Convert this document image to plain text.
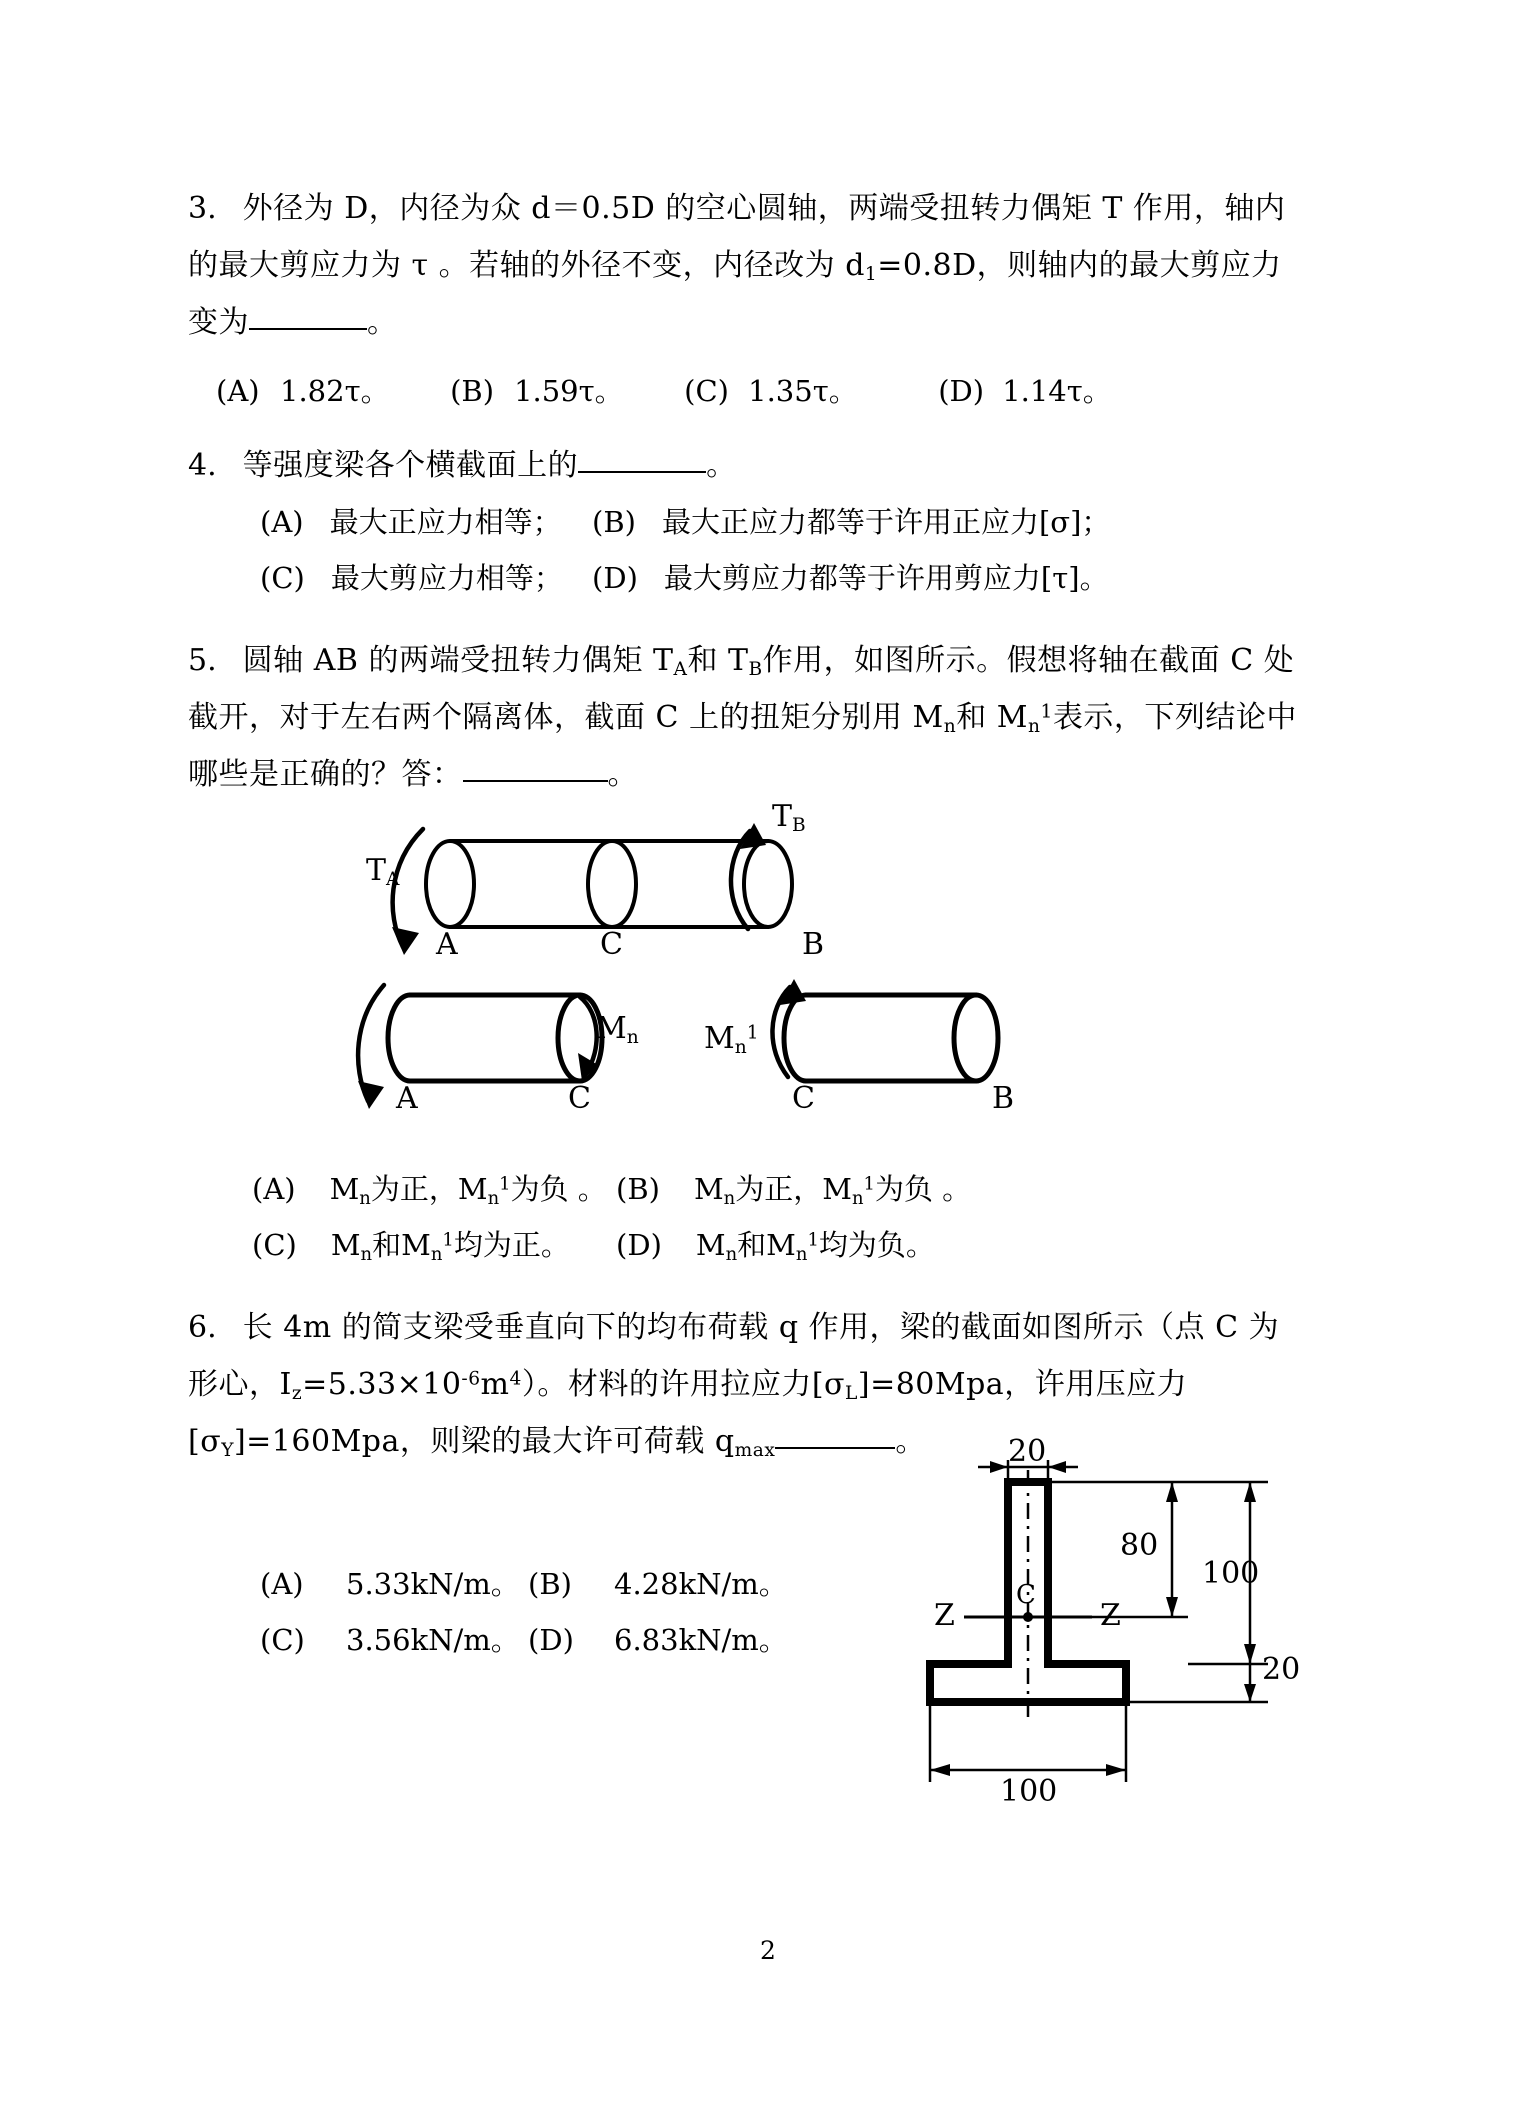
3. 外径为 D，内径为众 d＝0.5D 的空心圆轴，两端受扭转力偶矩 T 作用，轴内
的最大剪应力为 τ 。若轴的外径不变，内径改为 $d_1=0.8D$，则轴内的最大剪应力
变为	。
(A) 1.82τ。 (B) 1.59τ。 (C) 1.35τ。	(D) 1.14τ。
4. 等强度梁各个横截面上的	。
(A) 最大正应力相等； (B) 最大正应力都等于许用正应力[σ]；
(C) 最大剪应力相等； (D) 最大剪应力都等于许用剪应力[τ]。
5. 圆轴 AB 的两端受扭转力偶矩 $T_A$和 $T_B$作用，如图所示。假想将轴在截面 C 处
截开，对于左右两个隔离体，截面 C 上的扭矩分别用 $M_n$和 $M_n^1$表示，下列结论中
哪些是正确的？答：	。
$T_A$
$T_B$
A	C	B
$M_n$ $M_n^1$
A	C	C	B
(A) $M_n$为正，$M_n^1$为负 。 (B) $M_n$为正，$M_n^1$为负 。
(C) $M_n$和$M_n^1$均为正。 (D) $M_n$和$M_n^1$均为负。
6. 长 4m 的简支梁受垂直向下的均布荷载 q 作用，梁的截面如图所示（点 C 为
形心，$I_z=5.33\times 10^{-6}m^4$）。材料的许用拉应力$[\sigma_L]=80Mpa$，许用压应力
$[\sigma_Y]=160Mpa$，则梁的最大许可荷载 $q_{max}$	。
(A) 5.33kN/m。 (B) 4.28kN/m。
(C) 3.56kN/m。 (D) 6.83kN/m。
20
80
100
20
100
Z	Z
C
2
